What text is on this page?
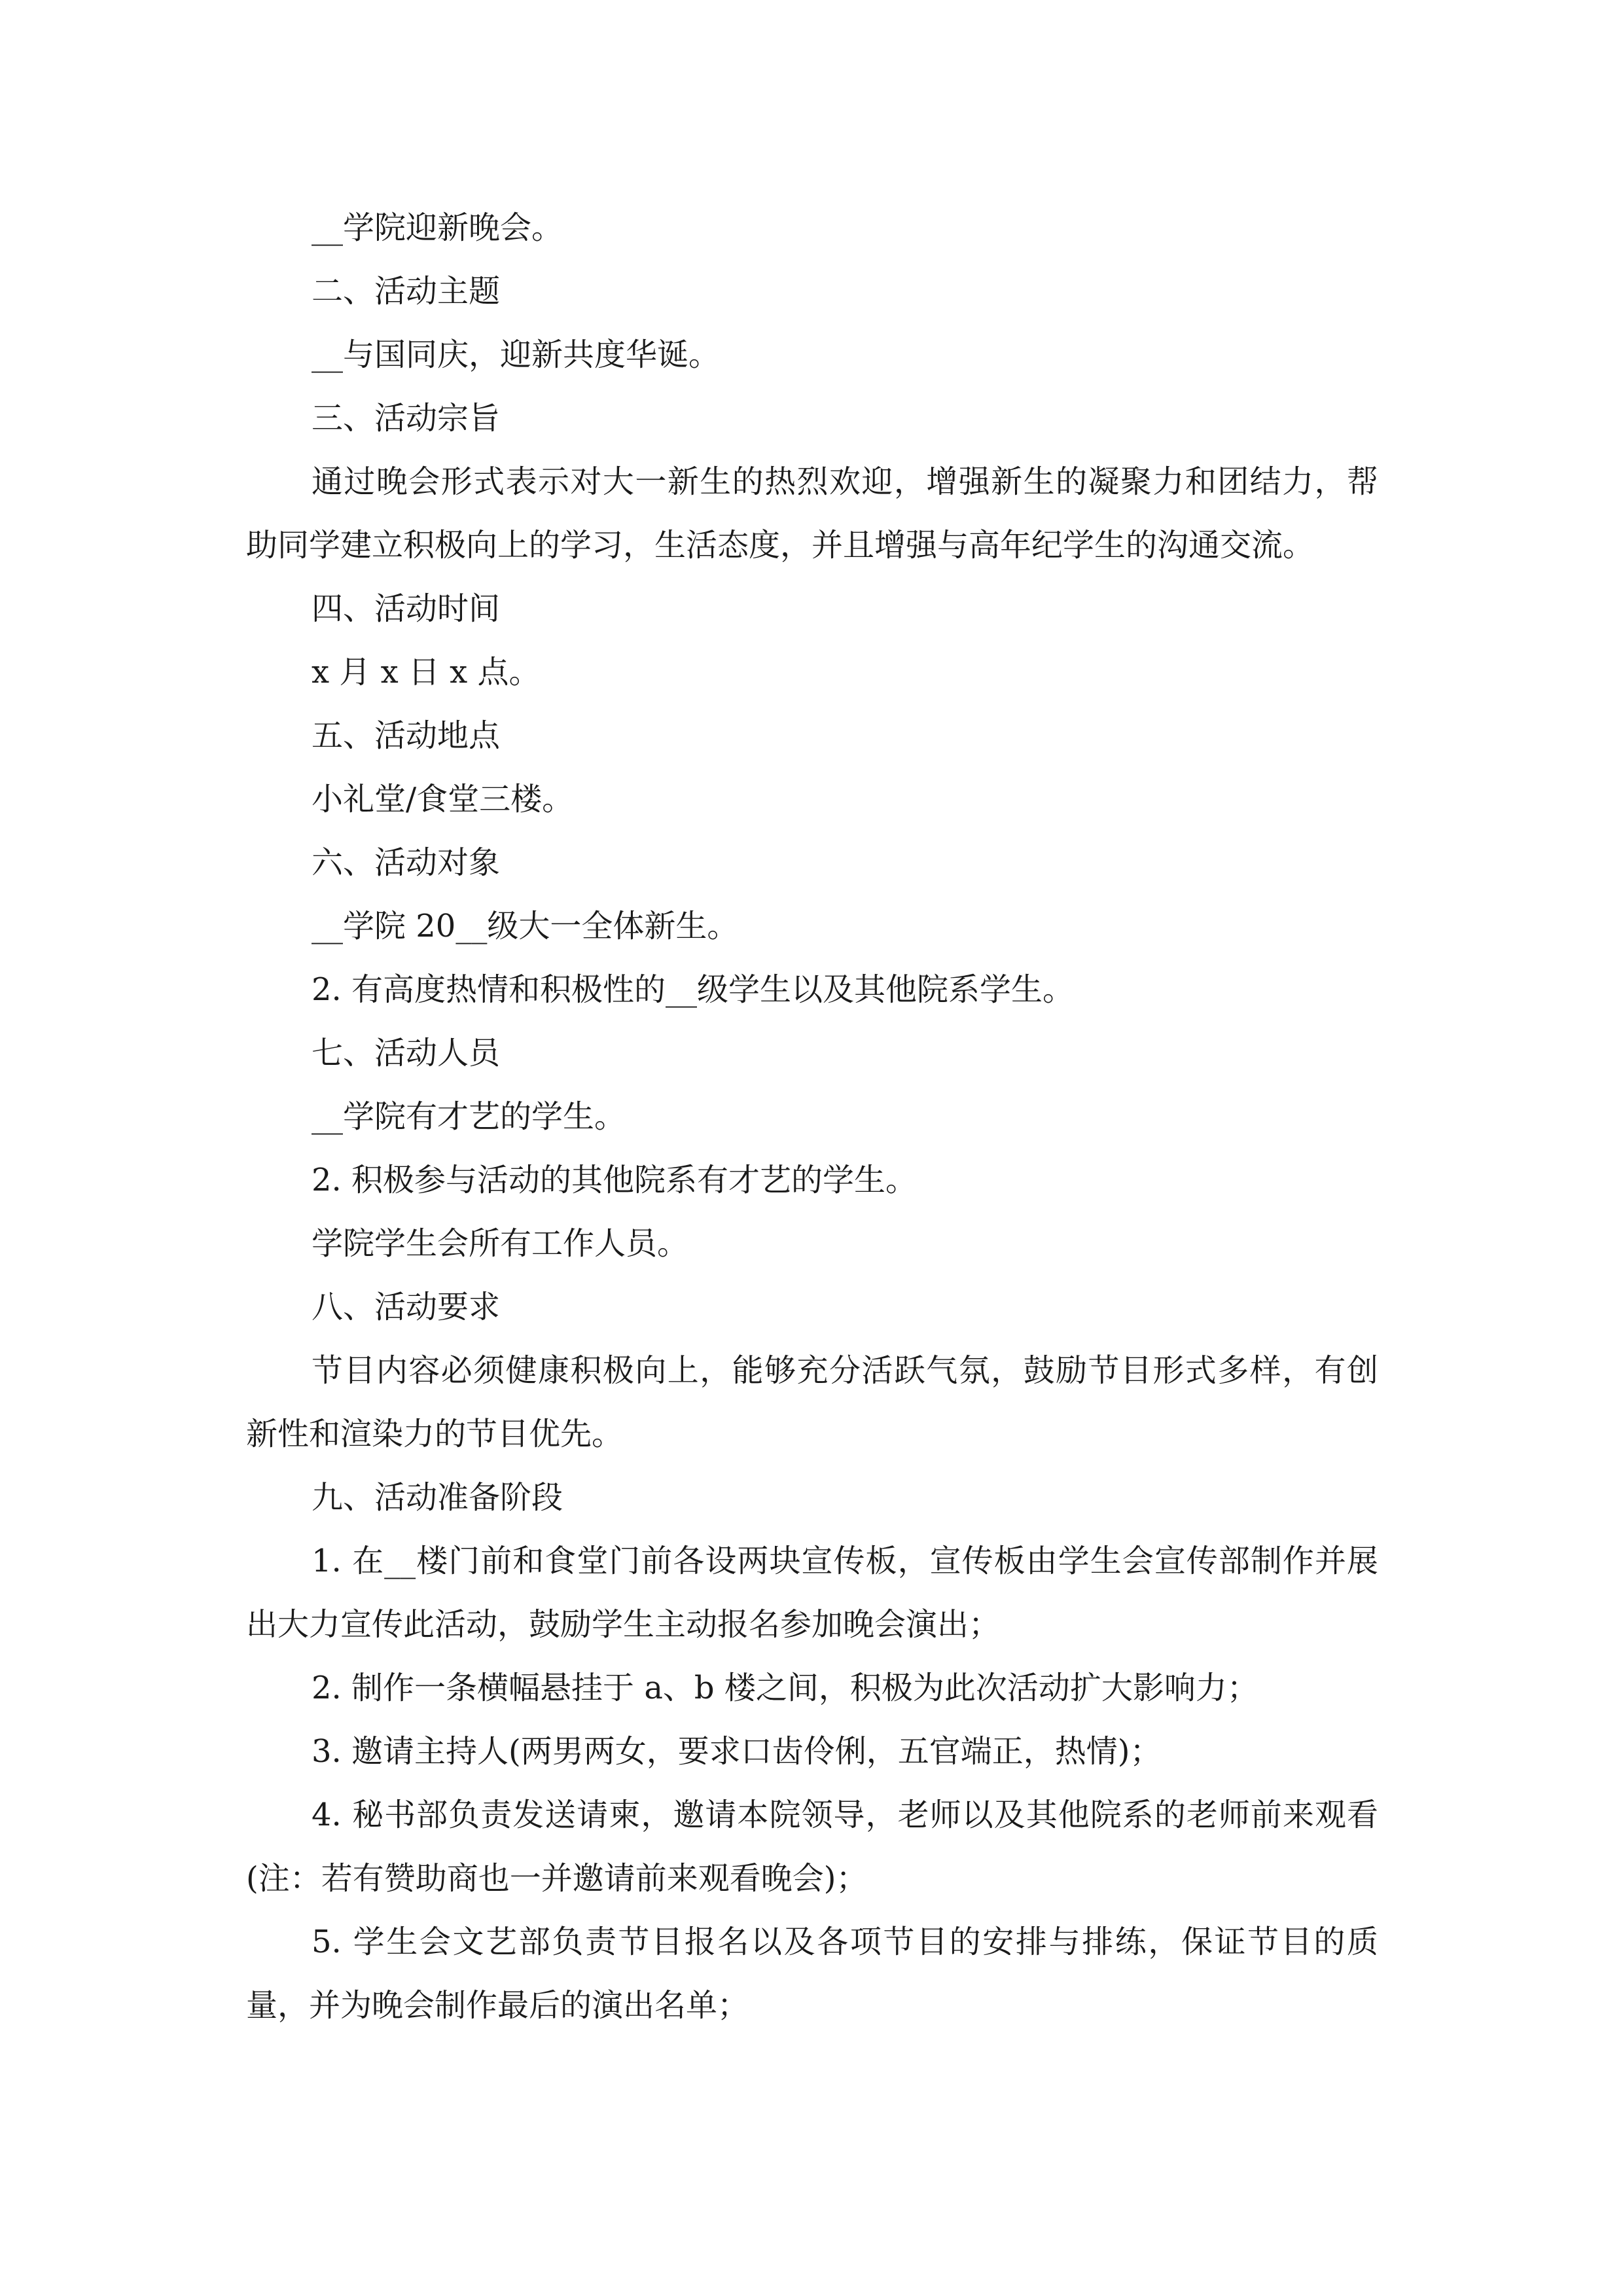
__学院迎新晚会。

二、活动主题

__与国同庆，迎新共度华诞。

三、活动宗旨

通过晚会形式表示对大一新生的热烈欢迎，增强新生的凝聚力和团结力，帮助同学建立积极向上的学习，生活态度，并且增强与高年纪学生的沟通交流。

四、活动时间

x 月 x 日 x 点。

五、活动地点

小礼堂/食堂三楼。

六、活动对象

__学院 20__级大一全体新生。

2. 有高度热情和积极性的__级学生以及其他院系学生。

七、活动人员

__学院有才艺的学生。

2. 积极参与活动的其他院系有才艺的学生。

学院学生会所有工作人员。

八、活动要求

节目内容必须健康积极向上，能够充分活跃气氛，鼓励节目形式多样，有创新性和渲染力的节目优先。

九、活动准备阶段

1. 在__楼门前和食堂门前各设两块宣传板，宣传板由学生会宣传部制作并展出大力宣传此活动，鼓励学生主动报名参加晚会演出；

2. 制作一条横幅悬挂于 a、b 楼之间，积极为此次活动扩大影响力；

3. 邀请主持人(两男两女，要求口齿伶俐，五官端正，热情)；

4. 秘书部负责发送请柬，邀请本院领导，老师以及其他院系的老师前来观看(注：若有赞助商也一并邀请前来观看晚会)；

5. 学生会文艺部负责节目报名以及各项节目的安排与排练，保证节目的质量，并为晚会制作最后的演出名单；
